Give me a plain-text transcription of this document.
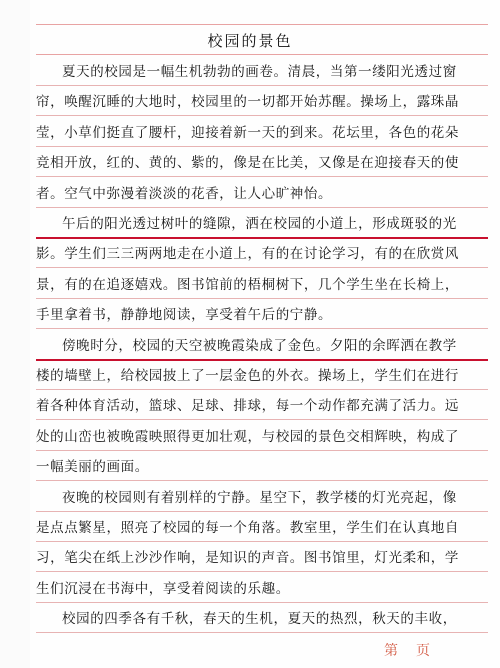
校园的景色
夏天的校园是一幅生机勃勃的画卷。清晨，当第一缕阳光透过窗
帘，唤醒沉睡的大地时，校园里的一切都开始苏醒。操场上，露珠晶
莹，小草们挺直了腰杆，迎接着新一天的到来。花坛里，各色的花朵
竞相开放，红的、黄的、紫的，像是在比美，又像是在迎接春天的使
者。空气中弥漫着淡淡的花香，让人心旷神怡。
午后的阳光透过树叶的缝隙，洒在校园的小道上，形成斑驳的光
影。学生们三三两两地走在小道上，有的在讨论学习，有的在欣赏风
景，有的在追逐嬉戏。图书馆前的梧桐树下，几个学生坐在长椅上，
手里拿着书，静静地阅读，享受着午后的宁静。
傍晚时分，校园的天空被晚霞染成了金色。夕阳的余晖洒在教学
楼的墙壁上，给校园披上了一层金色的外衣。操场上，学生们在进行
着各种体育活动，篮球、足球、排球，每一个动作都充满了活力。远
处的山峦也被晚霞映照得更加壮观，与校园的景色交相辉映，构成了
一幅美丽的画面。
夜晚的校园则有着别样的宁静。星空下，教学楼的灯光亮起，像
是点点繁星，照亮了校园的每一个角落。教室里，学生们在认真地自
习，笔尖在纸上沙沙作响，是知识的声音。图书馆里，灯光柔和，学
生们沉浸在书海中，享受着阅读的乐趣。
校园的四季各有千秋，春天的生机，夏天的热烈，秋天的丰收，
第页
